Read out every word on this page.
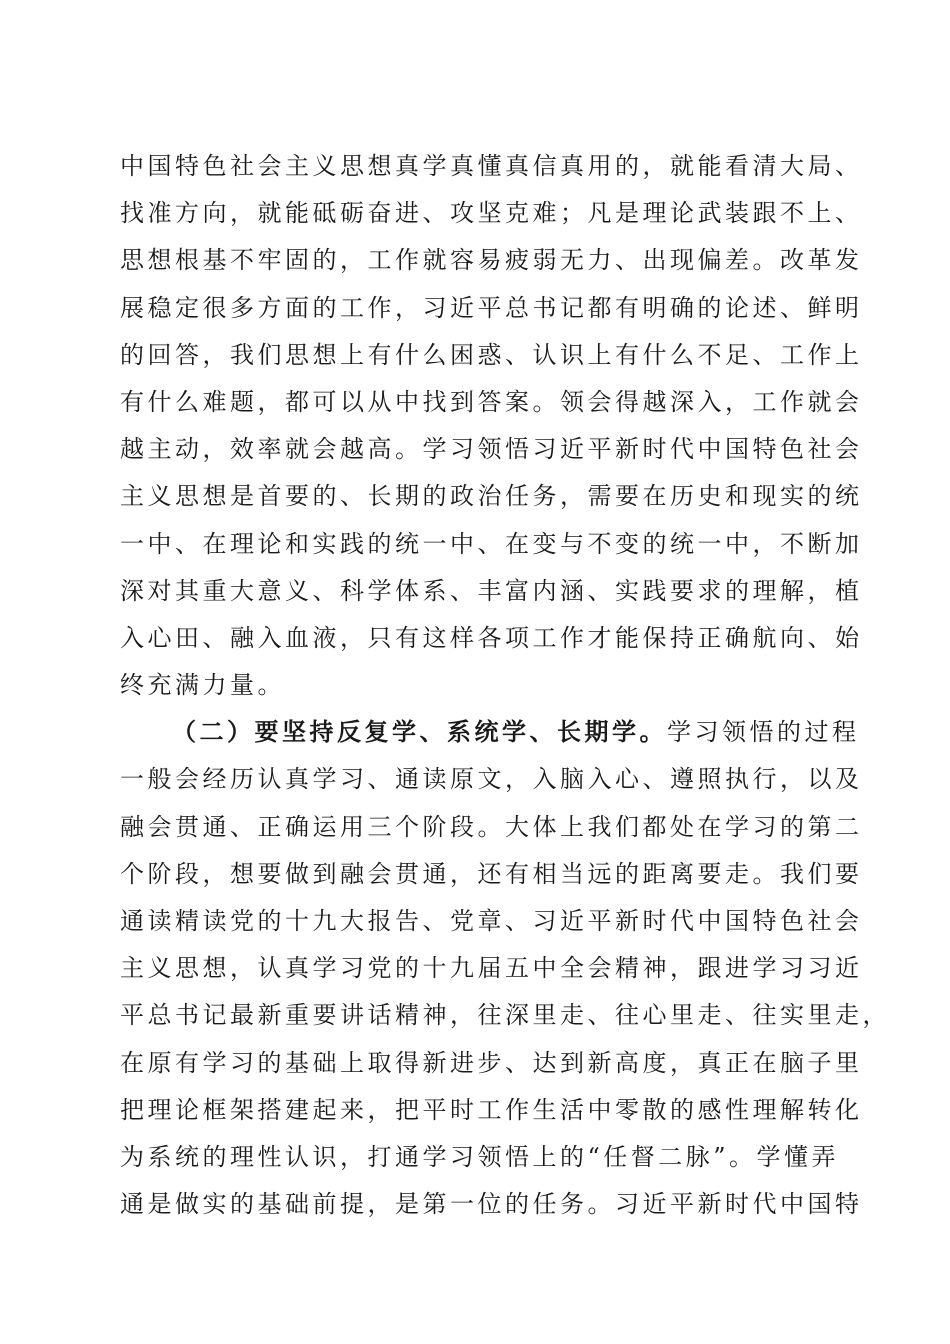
中国特色社会主义思想真学真懂真信真用的，就能看清大局、
找准方向，就能砥砺奋进、攻坚克难；凡是理论武装跟不上、
思想根基不牢固的，工作就容易疲弱无力、出现偏差。改革发
展稳定很多方面的工作，习近平总书记都有明确的论述、鲜明
的回答，我们思想上有什么困惑、认识上有什么不足、工作上
有什么难题，都可以从中找到答案。领会得越深入，工作就会
越主动，效率就会越高。学习领悟习近平新时代中国特色社会
主义思想是首要的、长期的政治任务，需要在历史和现实的统
一中、在理论和实践的统一中、在变与不变的统一中，不断加
深对其重大意义、科学体系、丰富内涵、实践要求的理解，植
入心田、融入血液，只有这样各项工作才能保持正确航向、始
终充满力量。
（二）要坚持反复学、系统学、长期学。学习领悟的过程
一般会经历认真学习、通读原文，入脑入心、遵照执行，以及
融会贯通、正确运用三个阶段。大体上我们都处在学习的第二
个阶段，想要做到融会贯通，还有相当远的距离要走。我们要
通读精读党的十九大报告、党章、习近平新时代中国特色社会
主义思想，认真学习党的十九届五中全会精神，跟进学习习近
平总书记最新重要讲话精神，往深里走、往心里走、往实里走，
在原有学习的基础上取得新进步、达到新高度，真正在脑子里
把理论框架搭建起来，把平时工作生活中零散的感性理解转化
为系统的理性认识，打通学习领悟上的“任督二脉”。学懂弄
通是做实的基础前提，是第一位的任务。习近平新时代中国特
